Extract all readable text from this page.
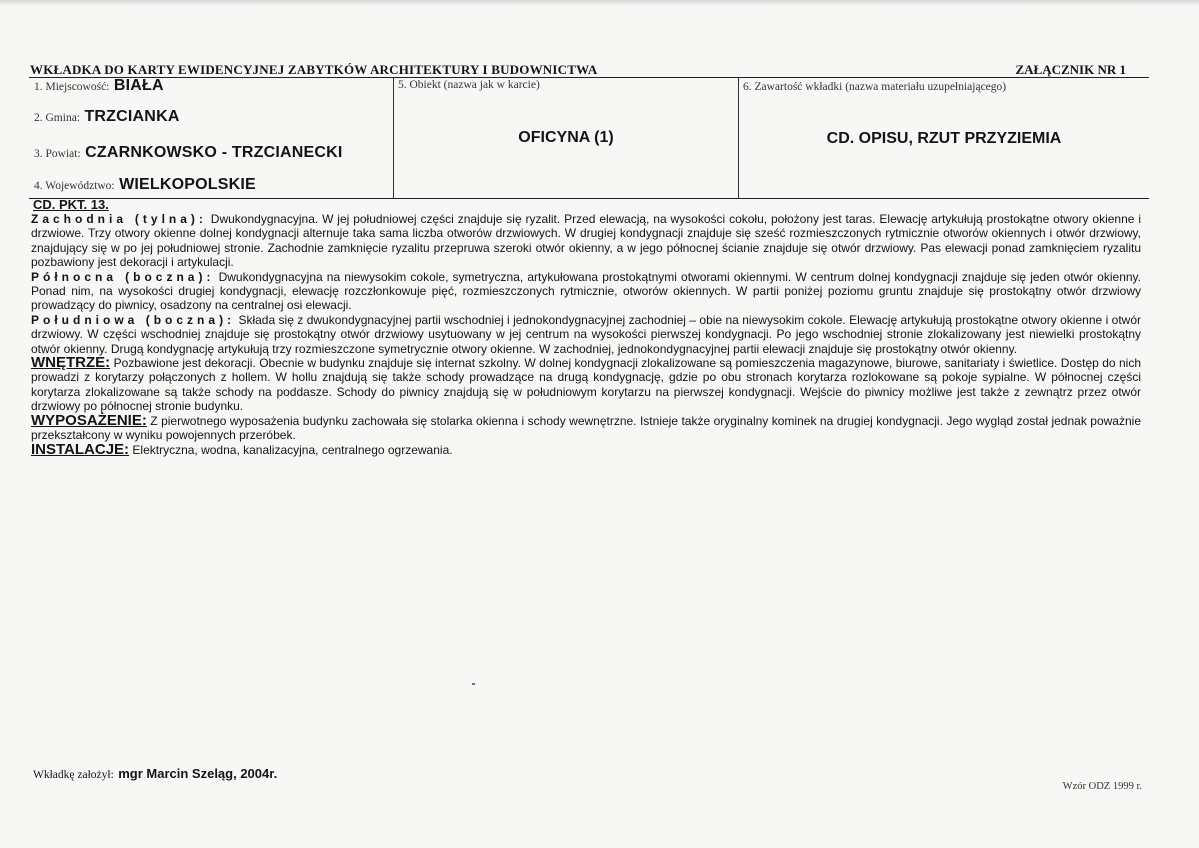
WKŁADKA DO KARTY EWIDENCYJNEJ ZABYTKÓW ARCHITEKTURY I BUDOWNICTWA	ZAŁĄCZNIK NR 1
1. Miejscowość: BIAŁA
2. Gmina: TRZCIANKA
3. Powiat: CZARNKOWSKO - TRZCIANECKI
4. Województwo: WIELKOPOLSKIE
5. Obiekt (nazwa jak w karcie)
OFICYNA (1)
6. Zawartość wkładki (nazwa materiału uzupełniającego)
CD. OPISU, RZUT PRZYZIEMIA
CD. PKT. 13.

Zachodnia (tylna): Dwukondygnacyjna. W jej południowej części znajduje się ryzalit. Przed elewacją, na wysokości cokołu, położony jest taras. Elewację artykułują prostokątne otwory okienne i drzwiowe. Trzy otwory okienne dolnej kondygnacji alternuje taka sama liczba otworów drzwiowych. W drugiej kondygnacji znajduje się sześć rozmieszczonych rytmicznie otworów okiennych i otwór drzwiowy, znajdujący się w po jej południowej stronie. Zachodnie zamknięcie ryzalitu przepruwa szeroki otwór okienny, a w jego północnej ścianie znajduje się otwór drzwiowy. Pas elewacji ponad zamknięciem ryzalitu pozbawiony jest dekoracji i artykulacji.

Północna (boczna): Dwukondygnacyjna na niewysokim cokole, symetryczna, artykułowana prostokątnymi otworami okiennymi. W centrum dolnej kondygnacji znajduje się jeden otwór okienny. Ponad nim, na wysokości drugiej kondygnacji, elewację rozczłonkowuje pięć, rozmieszczonych rytmicznie, otworów okiennych. W partii poniżej poziomu gruntu znajduje się prostokątny otwór drzwiowy prowadzący do piwnicy, osadzony na centralnej osi elewacji.

Południowa (boczna): Składa się z dwukondygnacyjnej partii wschodniej i jednokondygnacyjnej zachodniej – obie na niewysokim cokole. Elewację artykułują prostokątne otwory okienne i otwór drzwiowy. W części wschodniej znajduje się prostokątny otwór drzwiowy usytuowany w jej centrum na wysokości pierwszej kondygnacji. Po jego wschodniej stronie zlokalizowany jest niewielki prostokątny otwór okienny. Drugą kondygnację artykułują trzy rozmieszczone symetrycznie otwory okienne. W zachodniej, jednokondygnacyjnej partii elewacji znajduje się prostokątny otwór okienny.

WNĘTRZE: Pozbawione jest dekoracji. Obecnie w budynku znajduje się internat szkolny. W dolnej kondygnacji zlokalizowane są pomieszczenia magazynowe, biurowe, sanitariaty i świetlice. Dostęp do nich prowadzi z korytarzy połączonych z hollem. W hollu znajdują się także schody prowadzące na drugą kondygnację, gdzie po obu stronach korytarza rozlokowane są pokoje sypialne. W północnej części korytarza zlokalizowane są także schody na poddasze. Schody do piwnicy znajdują się w południowym korytarzu na pierwszej kondygnacji. Wejście do piwnicy możliwe jest także z zewnątrz przez otwór drzwiowy po północnej stronie budynku.

WYPOSAŻENIE: Z pierwotnego wyposażenia budynku zachowała się stolarka okienna i schody wewnętrzne. Istnieje także oryginalny kominek na drugiej kondygnacji. Jego wygląd został jednak poważnie przekształcony w wyniku powojennych przeróbek.

INSTALACJE: Elektryczna, wodna, kanalizacyjna, centralnego ogrzewania.

Wkładkę założył: mgr Marcin Szeląg, 2004r.
Wzór ODZ 1999 r.
